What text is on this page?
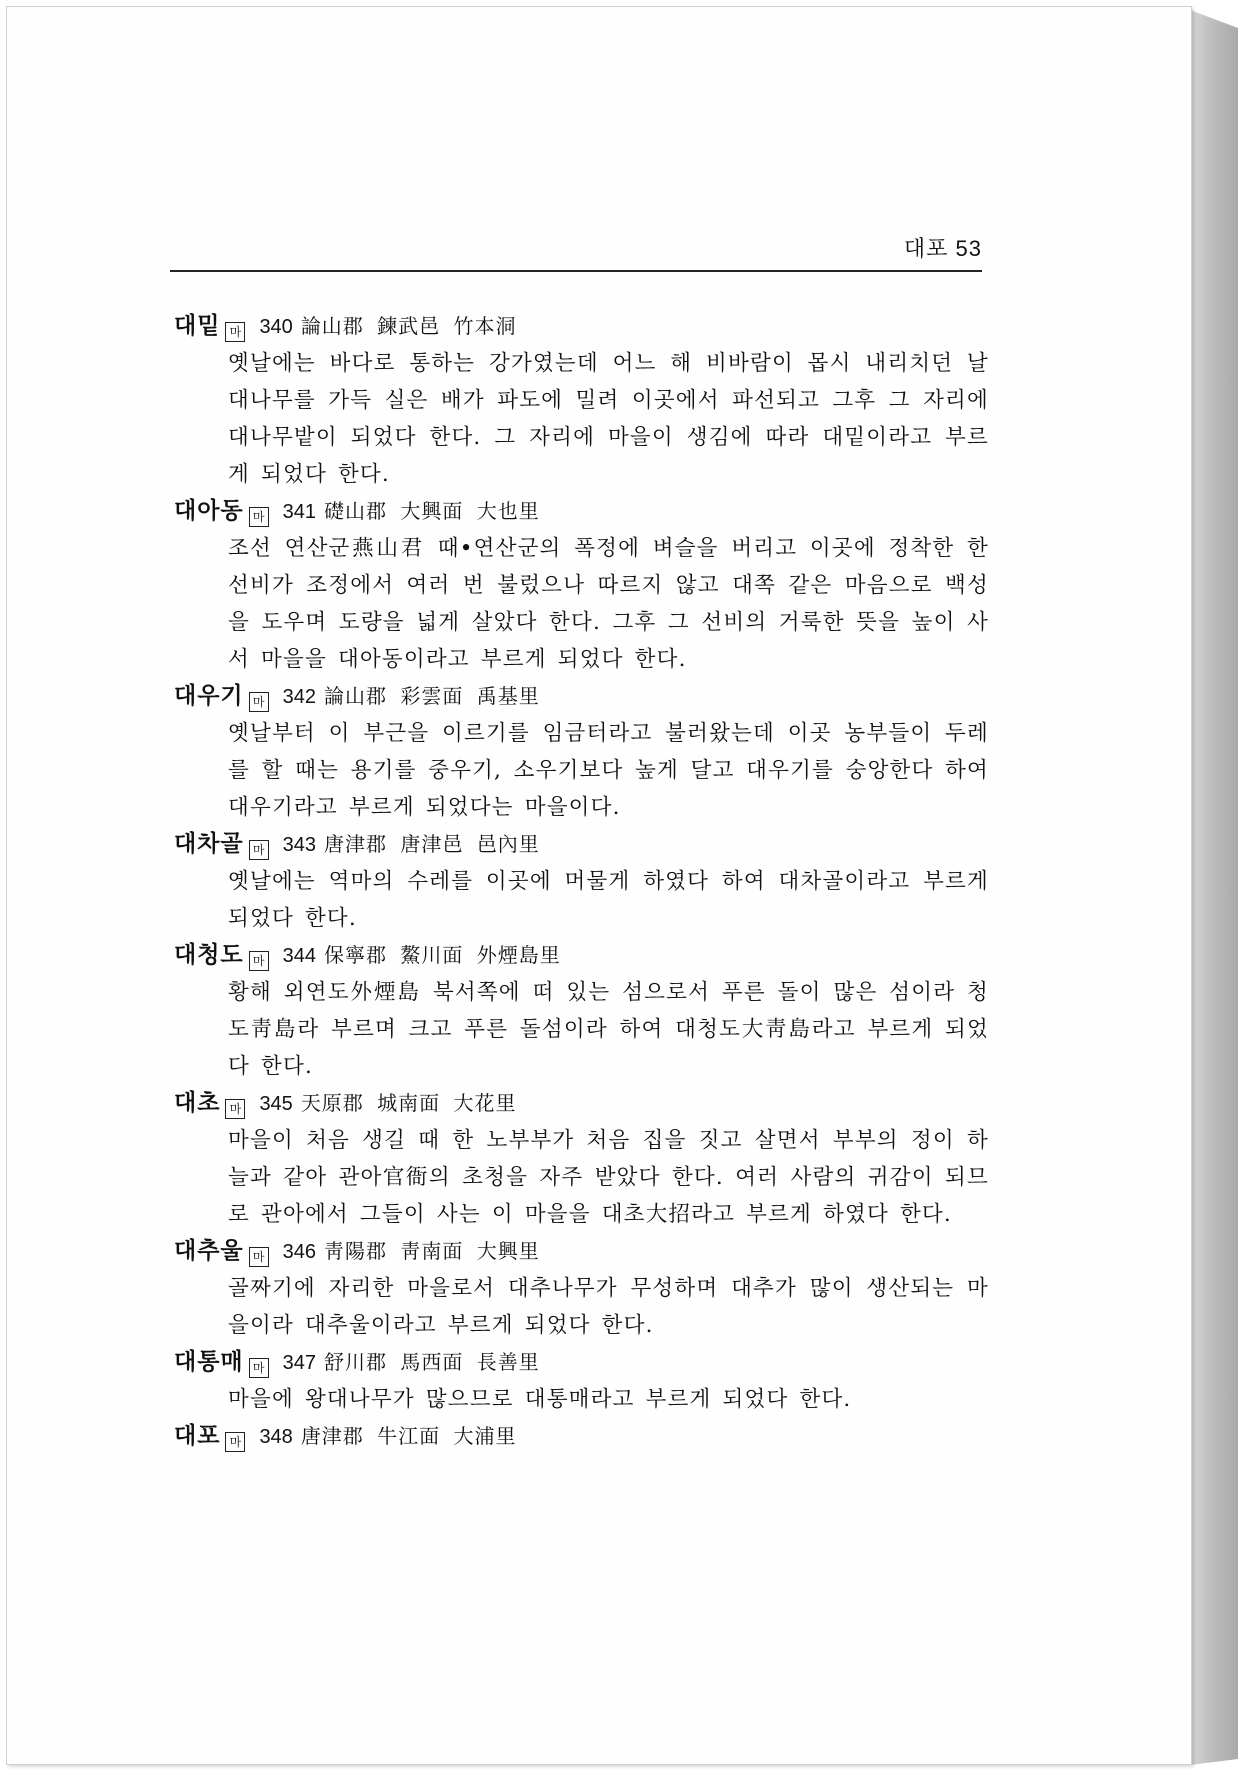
대포 53
대밑 마 340 論山郡 鍊武邑 竹本洞

옛날에는 바다로 통하는 강가였는데 어느 해 비바람이 몹시 내리치던 날 대나무를 가득 실은 배가 파도에 밀려 이곳에서 파선되고 그후 그 자리에 대나무밭이 되었다 한다. 그 자리에 마을이 생김에 따라 대밑이라고 부르게 되었다 한다.

대아동 마 341 礎山郡 大興面 大也里

조선 연산군燕山君 때•연산군의 폭정에 벼슬을 버리고 이곳에 정착한 한 선비가 조정에서 여러 번 불렀으나 따르지 않고 대쪽 같은 마음으로 백성을 도우며 도량을 넓게 살았다 한다. 그후 그 선비의 거룩한 뜻을 높이 사서 마을을 대아동이라고 부르게 되었다 한다.

대우기 마 342 論山郡 彩雲面 禹基里

옛날부터 이 부근을 이르기를 임금터라고 불러왔는데 이곳 농부들이 두레를 할 때는 용기를 중우기, 소우기보다 높게 달고 대우기를 숭앙한다 하여 대우기라고 부르게 되었다는 마을이다.

대차골 마 343 唐津郡 唐津邑 邑內里

옛날에는 역마의 수레를 이곳에 머물게 하였다 하여 대차골이라고 부르게 되었다 한다.

대청도 마 344 保寧郡 鰲川面 外煙島里

황해 외연도外煙島 북서쪽에 떠 있는 섬으로서 푸른 돌이 많은 섬이라 청도靑島라 부르며 크고 푸른 돌섬이라 하여 대청도大靑島라고 부르게 되었다 한다.

대초 마 345 天原郡 城南面 大花里

마을이 처음 생길 때 한 노부부가 처음 집을 짓고 살면서 부부의 정이 하늘과 같아 관아官衙의 초청을 자주 받았다 한다. 여러 사람의 귀감이 되므로 관아에서 그들이 사는 이 마을을 대초大招라고 부르게 하였다 한다.

대추울 마 346 靑陽郡 靑南面 大興里

골짜기에 자리한 마을로서 대추나무가 무성하며 대추가 많이 생산되는 마을이라 대추울이라고 부르게 되었다 한다.

대통매 마 347 舒川郡 馬西面 長善里

마을에 왕대나무가 많으므로 대통매라고 부르게 되었다 한다.

대포 마 348 唐津郡 牛江面 大浦里
